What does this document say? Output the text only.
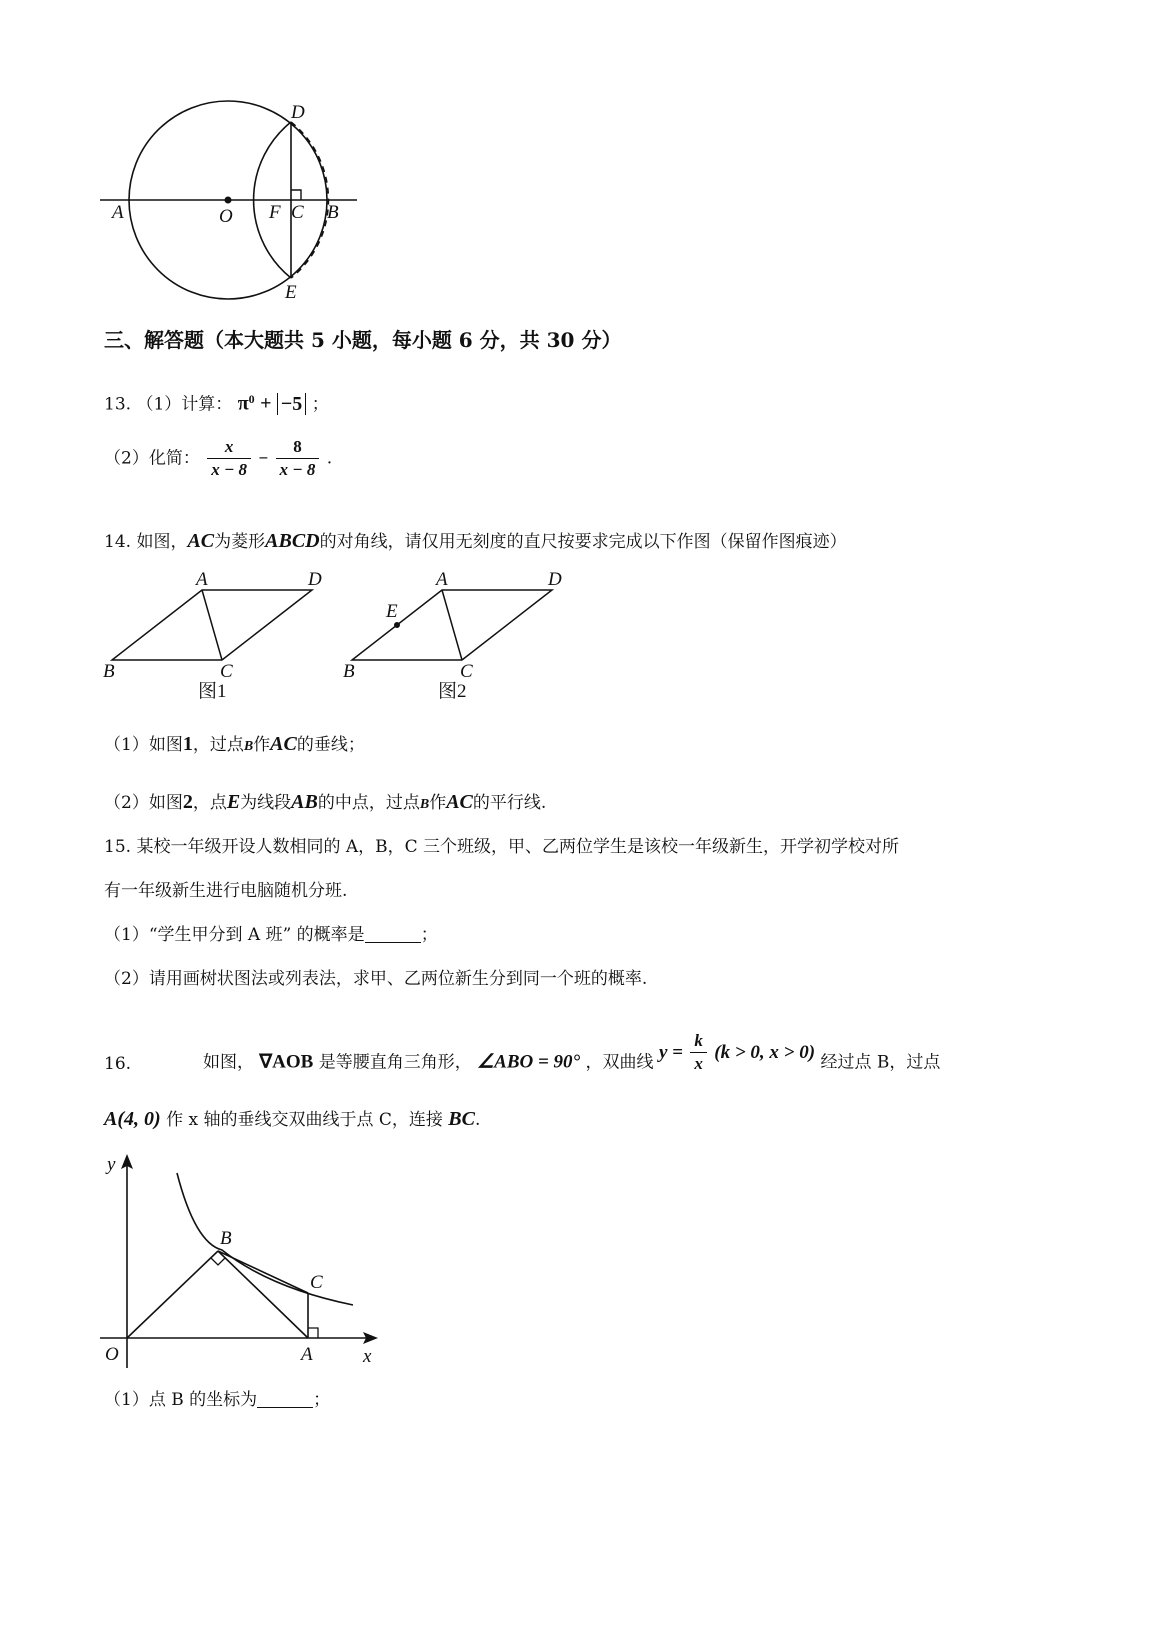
A	O F C B
D
E
三、解答题（本大题共 5 小题，每小题 6 分，共 30 分）
13. （1）计算： $\pi^0 + -5$ ；
（2）化简： $\frac{x}{x - 8} - \frac{8}{x - 8}$ .
14. 如图，AC为菱形ABCD的对角线，请仅用无刻度的直尺按要求完成以下作图（保留作图痕迹）
A	D
B	C
图1
A	D
E
B	C
图2
（1）如图1，过点B作AC的垂线；
（2）如图2，点E为线段AB的中点，过点B作AC的平行线.
15. 某校一年级开设人数相同的 A，B，C 三个班级，甲、乙两位学生是该校一年级新生，开学初学校对所
有一年级新生进行电脑随机分班.
（1）“学生甲分到 A 班” 的概率是	；
（2）请用画树状图法或列表法，求甲、乙两位新生分到同一个班的概率.
16.	如图， ∇AOB 是等腰直角三角形， ∠ABO = 90° ，双曲线 $y = \frac{k}{x} (k > 0$, x > 0) 经过点 B，过点
A(4, 0) 作 x 轴的垂线交双曲线于点 C，连接 BC.
y
x
O	A
B
C
（1）点 B 的坐标为	；
